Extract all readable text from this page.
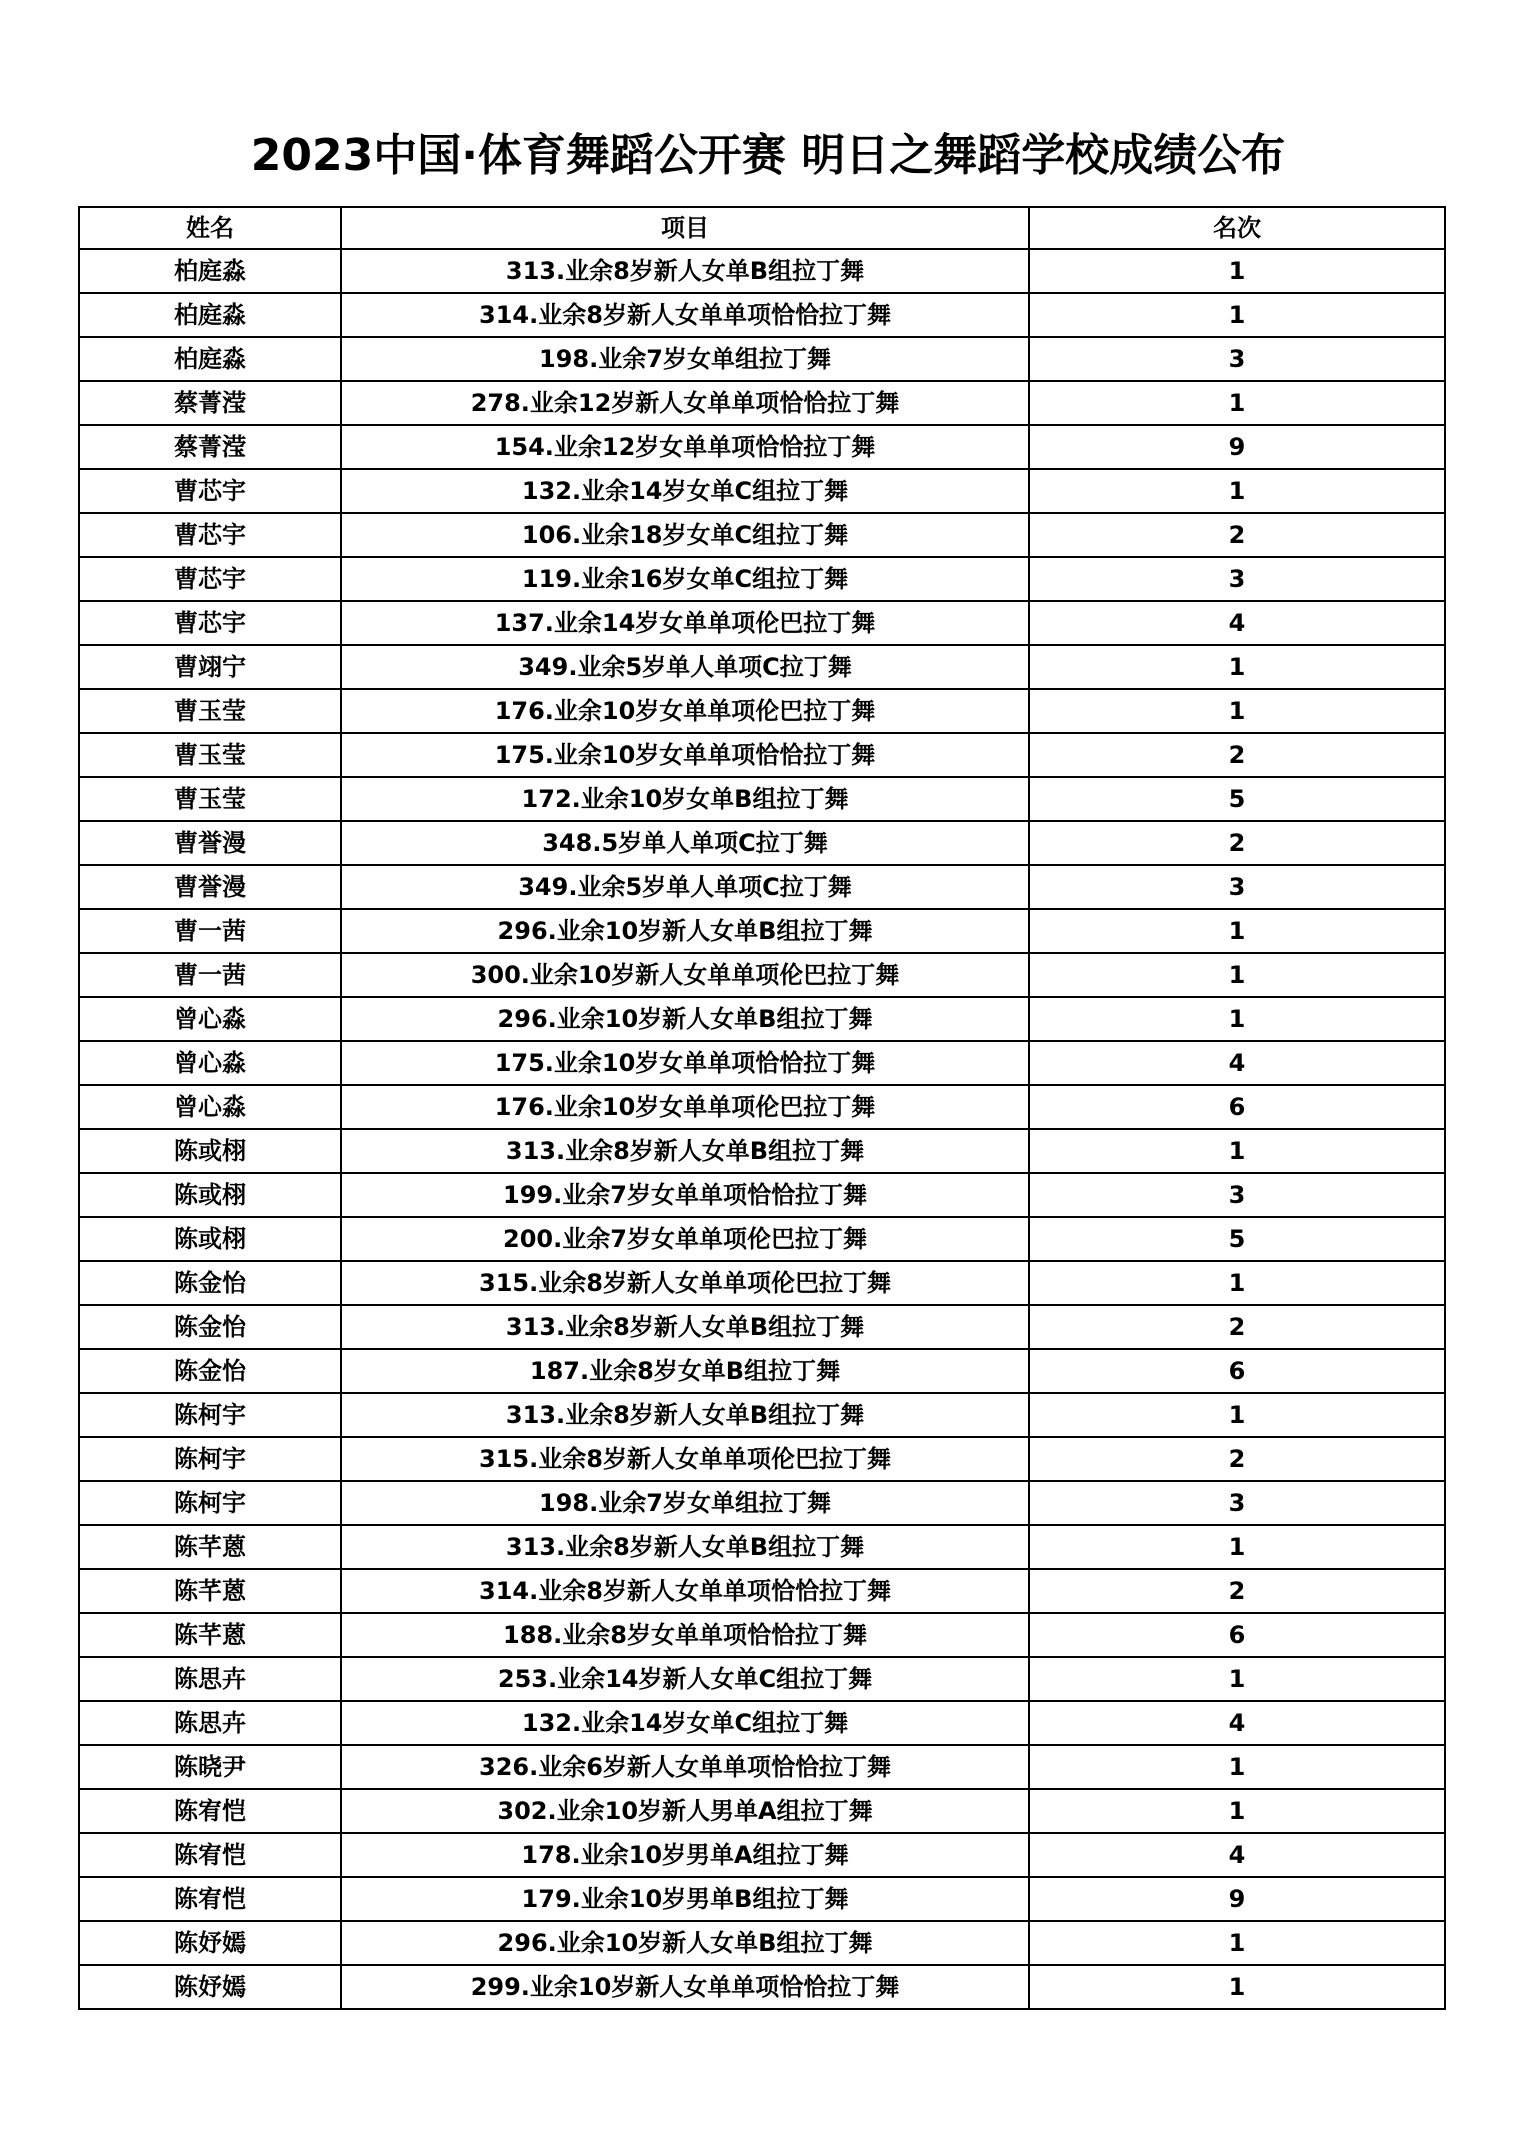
2023中国·体育舞蹈公开赛 明日之舞蹈学校成绩公布
姓名	项目	名次
柏庭淼	313.业余8岁新人女单B组拉丁舞	1
柏庭淼	314.业余8岁新人女单单项恰恰拉丁舞	1
柏庭淼	198.业余7岁女单组拉丁舞	3
蔡菁滢	278.业余12岁新人女单单项恰恰拉丁舞	1
蔡菁滢	154.业余12岁女单单项恰恰拉丁舞	9
曹芯宇	132.业余14岁女单C组拉丁舞	1
曹芯宇	106.业余18岁女单C组拉丁舞	2
曹芯宇	119.业余16岁女单C组拉丁舞	3
曹芯宇	137.业余14岁女单单项伦巴拉丁舞	4
曹翊宁	349.业余5岁单人单项C拉丁舞	1
曹玉莹	176.业余10岁女单单项伦巴拉丁舞	1
曹玉莹	175.业余10岁女单单项恰恰拉丁舞	2
曹玉莹	172.业余10岁女单B组拉丁舞	5
曹誉漫	348.5岁单人单项C拉丁舞	2
曹誉漫	349.业余5岁单人单项C拉丁舞	3
曹一茜	296.业余10岁新人女单B组拉丁舞	1
曹一茜	300.业余10岁新人女单单项伦巴拉丁舞	1
曾心淼	296.业余10岁新人女单B组拉丁舞	1
曾心淼	175.业余10岁女单单项恰恰拉丁舞	4
曾心淼	176.业余10岁女单单项伦巴拉丁舞	6
陈或栩	313.业余8岁新人女单B组拉丁舞	1
陈或栩	199.业余7岁女单单项恰恰拉丁舞	3
陈或栩	200.业余7岁女单单项伦巴拉丁舞	5
陈金怡	315.业余8岁新人女单单项伦巴拉丁舞	1
陈金怡	313.业余8岁新人女单B组拉丁舞	2
陈金怡	187.业余8岁女单B组拉丁舞	6
陈柯宇	313.业余8岁新人女单B组拉丁舞	1
陈柯宇	315.业余8岁新人女单单项伦巴拉丁舞	2
陈柯宇	198.业余7岁女单组拉丁舞	3
陈芊蒽	313.业余8岁新人女单B组拉丁舞	1
陈芊蒽	314.业余8岁新人女单单项恰恰拉丁舞	2
陈芊蒽	188.业余8岁女单单项恰恰拉丁舞	6
陈思卉	253.业余14岁新人女单C组拉丁舞	1
陈思卉	132.业余14岁女单C组拉丁舞	4
陈晓尹	326.业余6岁新人女单单项恰恰拉丁舞	1
陈宥恺	302.业余10岁新人男单A组拉丁舞	1
陈宥恺	178.业余10岁男单A组拉丁舞	4
陈宥恺	179.业余10岁男单B组拉丁舞	9
陈妤嫣	296.业余10岁新人女单B组拉丁舞	1
陈妤嫣	299.业余10岁新人女单单项恰恰拉丁舞	1
